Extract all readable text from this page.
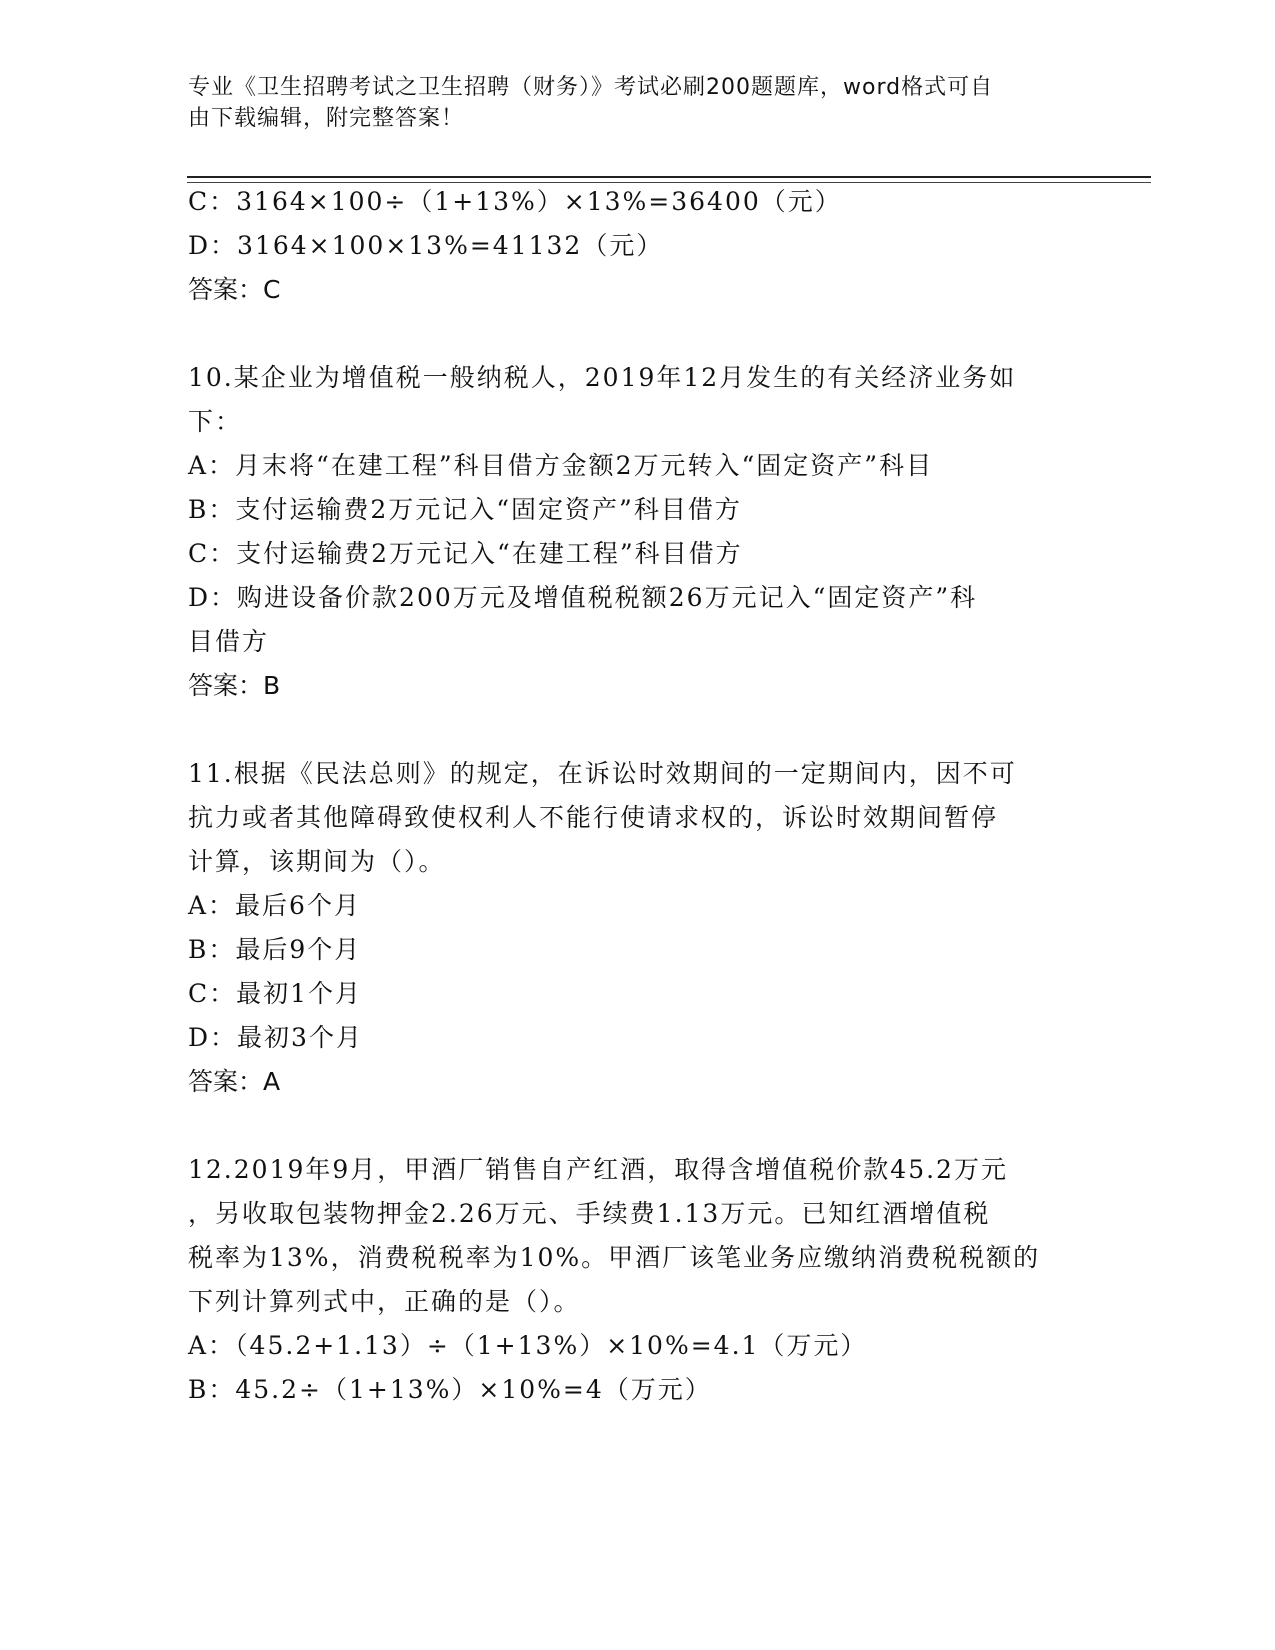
专业《卫生招聘考试之卫生招聘（财务）》考试必刷200题题库，word格式可自
由下载编辑，附完整答案！
C：3164×100÷（1+13%）×13%=36400（元）
D：3164×100×13%=41132（元）
答案：C
10.某企业为增值税一般纳税人，2019年12月发生的有关经济业务如
下：
A：月末将“在建工程”科目借方金额2万元转入“固定资产”科目
B：支付运输费2万元记入“固定资产”科目借方
C：支付运输费2万元记入“在建工程”科目借方
D：购进设备价款200万元及增值税税额26万元记入“固定资产”科
目借方
答案：B
11.根据《民法总则》的规定，在诉讼时效期间的一定期间内，因不可
抗力或者其他障碍致使权利人不能行使请求权的，诉讼时效期间暂停
计算，该期间为（）。
A：最后6个月
B：最后9个月
C：最初1个月
D：最初3个月
答案：A
12.2019年9月，甲酒厂销售自产红酒，取得含增值税价款45.2万元
，另收取包装物押金2.26万元、手续费1.13万元。已知红酒增值税
税率为13%，消费税税率为10%。甲酒厂该笔业务应缴纳消费税税额的
下列计算列式中，正确的是（）。
A：（45.2+1.13）÷（1+13%）×10%=4.1（万元）
B：45.2÷（1+13%）×10%=4（万元）
